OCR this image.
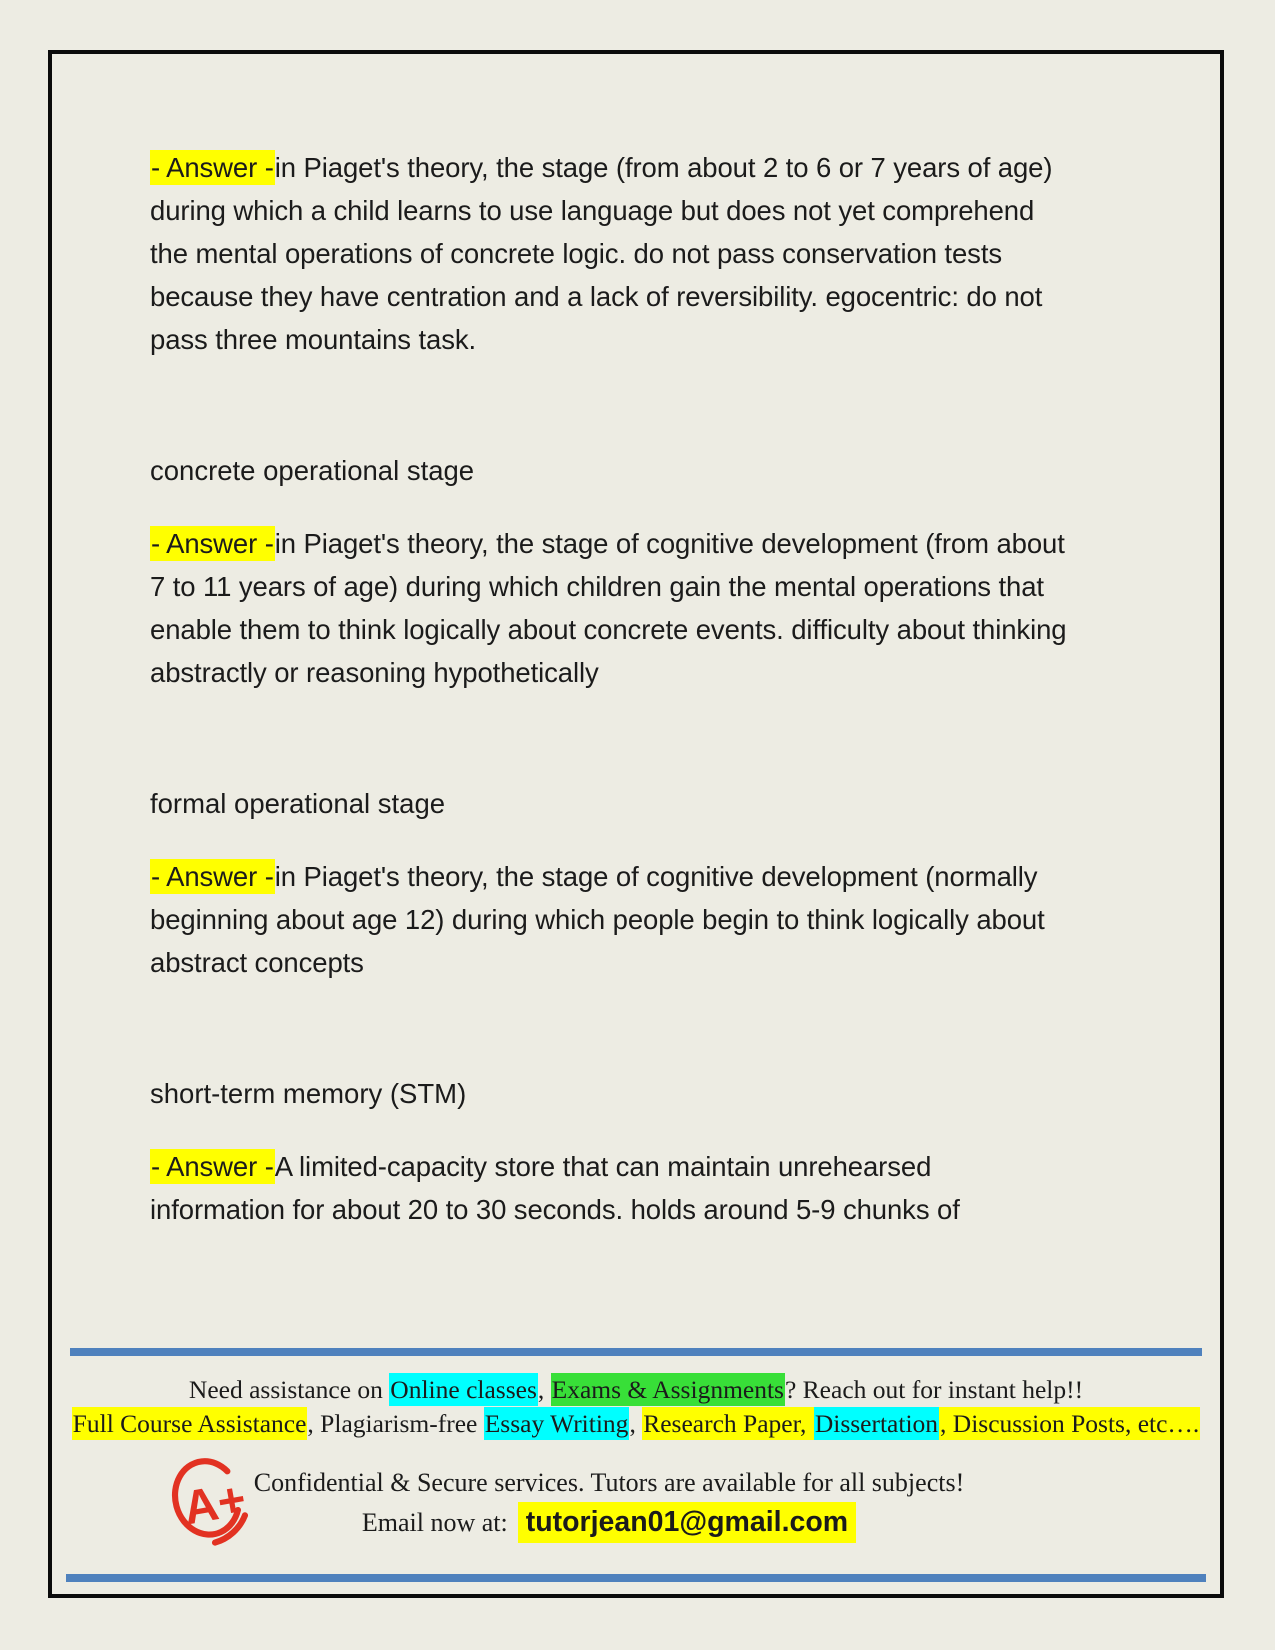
- Answer -in Piaget's theory, the stage (from about 2 to 6 or 7 years of age) during which a child learns to use language but does not yet comprehend the mental operations of concrete logic. do not pass conservation tests because they have centration and a lack of reversibility. egocentric: do not pass three mountains task.

concrete operational stage

- Answer -in Piaget's theory, the stage of cognitive development (from about 7 to 11 years of age) during which children gain the mental operations that enable them to think logically about concrete events. difficulty about thinking abstractly or reasoning hypothetically

formal operational stage

- Answer -in Piaget's theory, the stage of cognitive development (normally beginning about age 12) during which people begin to think logically about abstract concepts

short-term memory (STM)

- Answer -A limited-capacity store that can maintain unrehearsed information for about 20 to 30 seconds. holds around 5-9 chunks of

Need assistance on Online classes, Exams & Assignments? Reach out for instant help!!
Full Course Assistance, Plagiarism-free Essay Writing, Research Paper, Dissertation, Discussion Posts, etc….
A+ Confidential & Secure services. Tutors are available for all subjects!
Email now at: tutorjean01@gmail.com
